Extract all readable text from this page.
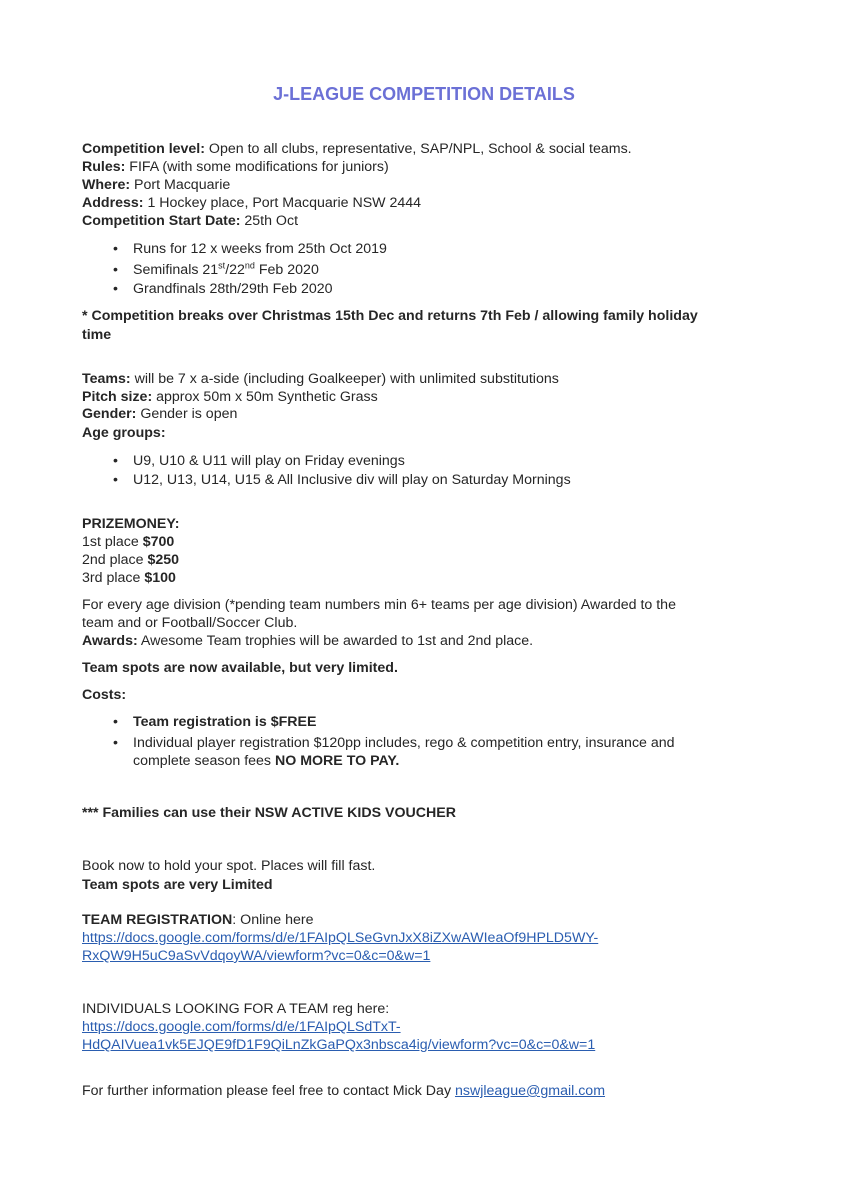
J-LEAGUE COMPETITION DETAILS

Competition level: Open to all clubs, representative, SAP/NPL, School & social teams.

Rules: FIFA (with some modifications for juniors)

Where: Port Macquarie

Address: 1 Hockey place, Port Macquarie NSW 2444

Competition Start Date: 25th Oct

• Runs for 12 x weeks from 25th Oct 2019
• Semifinals 21st/22nd Feb 2020
• Grandfinals 28th/29th Feb 2020

* Competition breaks over Christmas 15th Dec and returns 7th Feb / allowing family holiday

time

Teams: will be 7 x a-side (including Goalkeeper) with unlimited substitutions

Pitch size: approx 50m x 50m Synthetic Grass

Gender: Gender is open

Age groups:

• U9, U10 & U11 will play on Friday evenings
• U12, U13, U14, U15 & All Inclusive div will play on Saturday Mornings

PRIZEMONEY:

1st place $700

2nd place $250

3rd place $100

For every age division (*pending team numbers min 6+ teams per age division) Awarded to the

team and or Football/Soccer Club.

Awards: Awesome Team trophies will be awarded to 1st and 2nd place.

Team spots are now available, but very limited.

Costs:

• Team registration is $FREE
• Individual player registration $120pp includes, rego & competition entry, insurance and
complete season fees NO MORE TO PAY.

*** Families can use their NSW ACTIVE KIDS VOUCHER

Book now to hold your spot. Places will fill fast.

Team spots are very Limited

TEAM REGISTRATION: Online here

https://docs.google.com/forms/d/e/1FAIpQLSeGvnJxX8iZXwAWIeaOf9HPLD5WY-

RxQW9H5uC9aSvVdqoyWA/viewform?vc=0&c=0&w=1

INDIVIDUALS LOOKING FOR A TEAM reg here:

https://docs.google.com/forms/d/e/1FAIpQLSdTxT-

HdQAIVuea1vk5EJQE9fD1F9QiLnZkGaPQx3nbsca4ig/viewform?vc=0&c=0&w=1

For further information please feel free to contact Mick Day nswjleague@gmail.com
